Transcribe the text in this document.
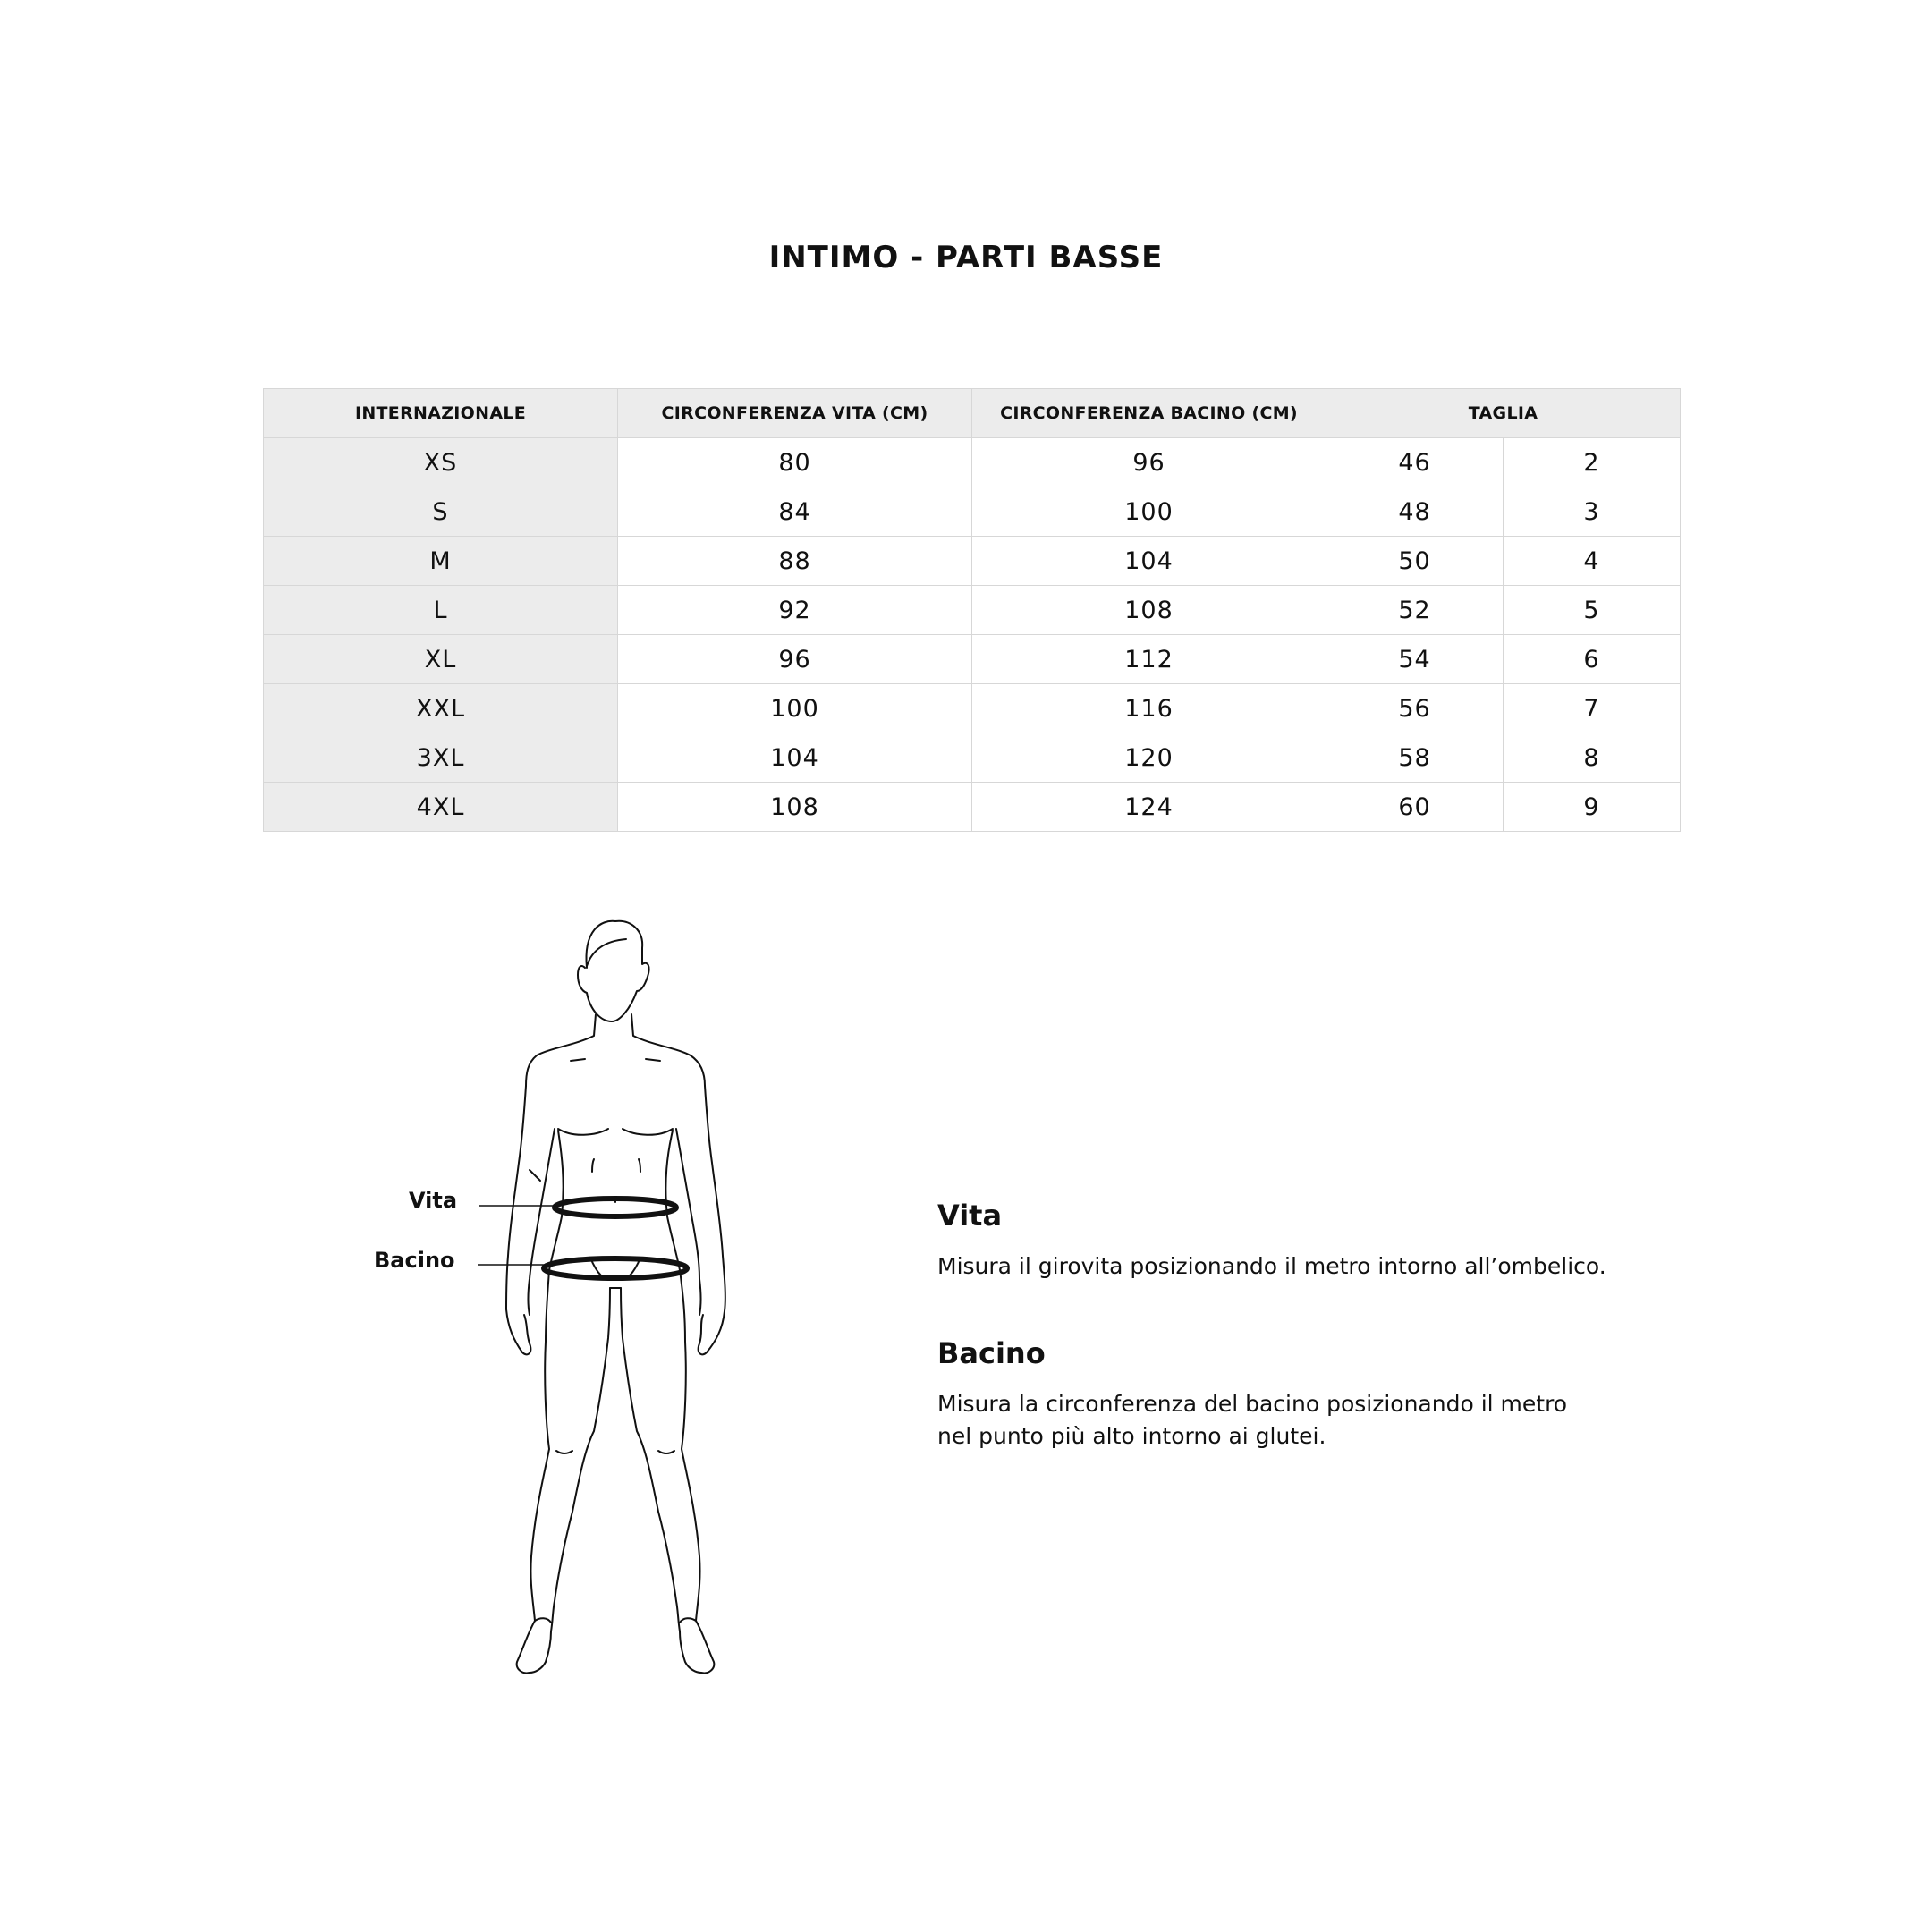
INTIMO - PARTI BASSE
INTERNAZIONALE	CIRCONFERENZA VITA (CM)	CIRCONFERENZA BACINO (CM)	TAGLIA	
XS	80	96	46	2
S	84	100	48	3
M	88	104	50	4
L	92	108	52	5
XL	96	112	54	6
XXL	100	116	56	7
3XL	104	120	58	8
4XL	108	124	60	9
Vita
Bacino
Vita

Misura il girovita posizionando il metro intorno all’ombelico.

Bacino

Misura la circonferenza del bacino posizionando il metro
nel punto più alto intorno ai glutei.
